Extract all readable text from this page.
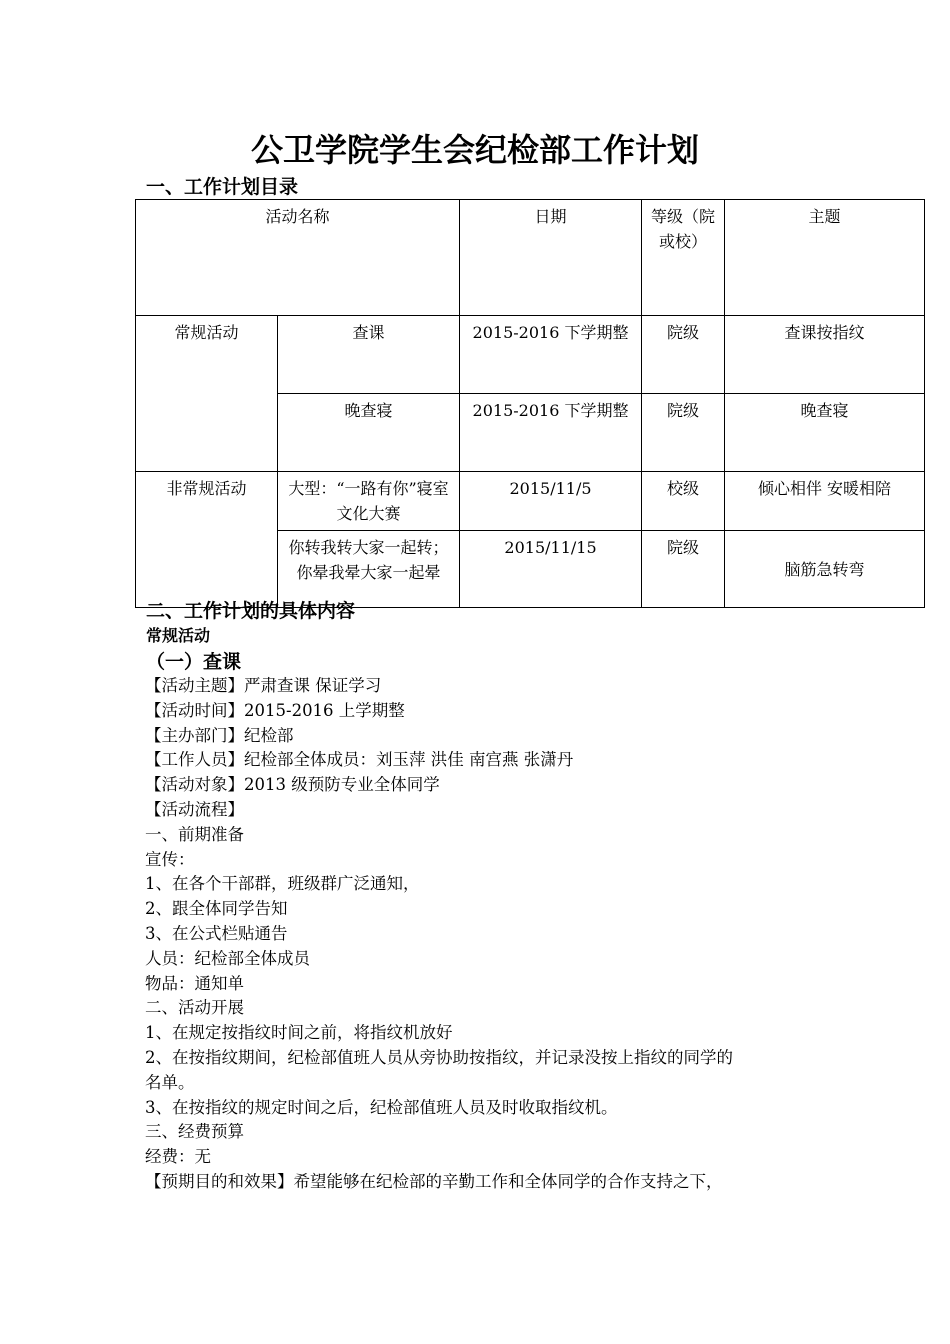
公卫学院学生会纪检部工作计划
一、工作计划目录
活动名称		日期	等级（院或校）	主题
常规活动	查课	2015-2016 下学期整	院级	查课按指纹
	晚查寝	2015-2016 下学期整	院级	晚查寝
非常规活动	大型：“一路有你”寝室文化大赛	2015/11/5	校级	倾心相伴 安暖相陪
	你转我转大家一起转；你晕我晕大家一起晕	2015/11/15	院级	脑筋急转弯
二、工作计划的具体内容
常规活动
（一）查课

【活动主题】严肃查课 保证学习

【活动时间】2015-2016 上学期整

【主办部门】纪检部

【工作人员】纪检部全体成员：刘玉萍 洪佳 南宫燕 张潇丹

【活动对象】2013 级预防专业全体同学

【活动流程】

一、前期准备

宣传：

1、在各个干部群，班级群广泛通知，

2、跟全体同学告知

3、在公式栏贴通告

人员：纪检部全体成员

物品：通知单

二、活动开展

1、在规定按指纹时间之前，将指纹机放好

2、在按指纹期间，纪检部值班人员从旁协助按指纹，并记录没按上指纹的同学的

名单。

3、在按指纹的规定时间之后，纪检部值班人员及时收取指纹机。

三、经费预算

经费：无

【预期目的和效果】希望能够在纪检部的辛勤工作和全体同学的合作支持之下，
